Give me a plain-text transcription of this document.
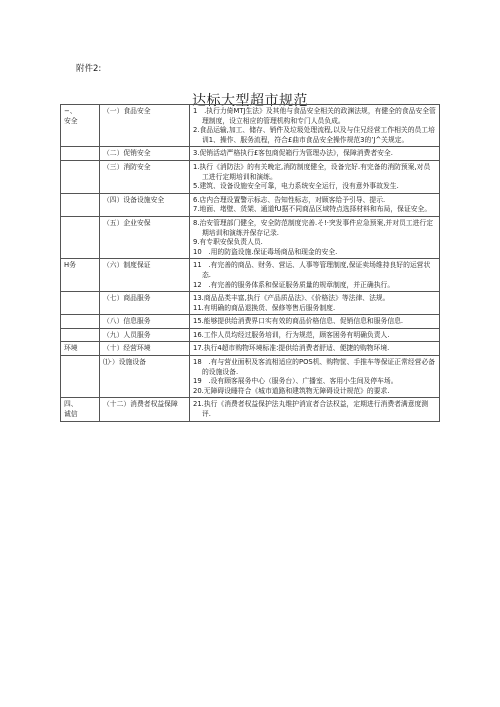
附件2:
达标大型超市规范
−、
安全	（一）食品安全	1　.执行力倚MTJ生法》及其他与食品安全相关的政渊法规，有健全的食品安全管理制度，设立相应的管理机构和专门人员负成。
2.食品运输,加工、储存、销件及垃圾处理流程,以及与住兄经营工作相关的员工培训1、操作、服务流程，符合£曲市食品安全操作规范3的’J^关规定。

	（二）促销安全	3.促销活动严格执行£客包商促箱行为管理办法》，保障消费者安全.

	（三）消防安全	1.执行《消防法》的有关晚定,消防制度健全，设备完好.有完备的消防预案,对员工进行定期培训和演练。
5.建筑、设备设施安全可靠，电力系统安全运行，没有意外事故发生.

	（四）设备设施安全	6.店内合理设置警示标志、告知性标志，对顾客给予引导、提示.
7.地面、堵壁、货架、通道fU据不同商品区域特点选择材料和布局，保证安全。

	（五）企业安保	8.治安管理部门健全，安全防范制度完善.そ!·突发事件应急预案,并对员工进行定期培训和演练并保存记录.
9.有专职安保负责人员.
10　.用的防盗设施.保证毒场商品和现金的安全.

Η务	（六）制度保证	11　.有完善的商品、财务、营运、人事等管理制度,保证卖场维持良好的运营状态.
12　.有完善的服务体系和保证服务质量的规章制度，并正确执行。

	（七）商品服务	13.商品品类丰富,执行《产品质品法》、《价格法》等法律、法规。
11.有明确的商品退换货、保修等售后服务制度.

	（八）信息服务	15.能够提供给消费界口实有效的商品价格信息、促销信息和服务信息.

	（九）人员服务	16.工作人员均经过服务培训，行为规范，顾客困务有明确负责人.

环境	（十）经营环境	17.执行4超市购物环境标准:提供给消费者舒适、便捷的购物环境.

	⑴·）设施设备	18　.有与营业面积及客流相适应的POS机、购物筐、手推车等保证正常经营必备的设施设备.
19　.设有顾客展务中心（服务台）、广播室、客用小生间及停车场。
20.无障碍设睡符合《城市道路和建筑物无障碍设计规范》的要求.

四、
诚信	（十二）消费者权益保障	21.执行《消费者权益保护法丸维护消宣者合法权益，定期进行消费者满意度测评.
